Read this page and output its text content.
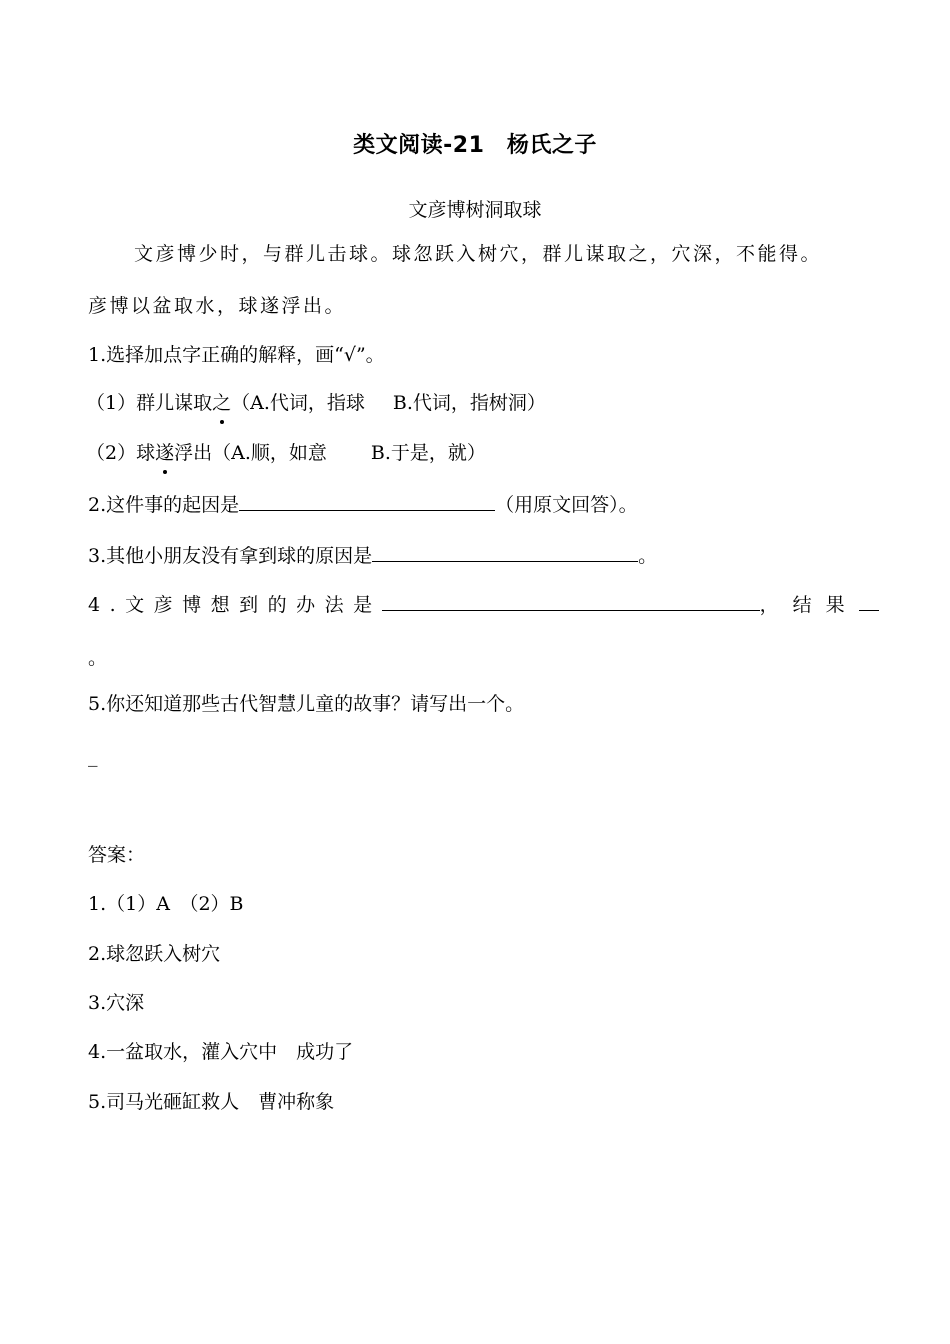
类文阅读-21　杨氏之子
文彦博树洞取球
文彦博少时，与群儿击球。球忽跃入树穴，群儿谋取之，穴深，不能得。
彦博以盆取水，球遂浮出。
1.选择加点字正确的解释，画“√”。
（1）群儿谋取之（A.代词，指球 B.代词，指树洞）
（2）球遂浮出（A.顺，如意 B.于是，就）
2.这件事的起因是	（用原文回答）。
3.其他小朋友没有拿到球的原因是	。
4.文彦博想到的办法是	，结果
。
5.你还知道那些古代智慧儿童的故事？请写出一个。
_
答案：
1.（1）A　（2）B
2.球忽跃入树穴
3.穴深
4.一盆取水，灌入穴中　成功了
5.司马光砸缸救人　曹冲称象
